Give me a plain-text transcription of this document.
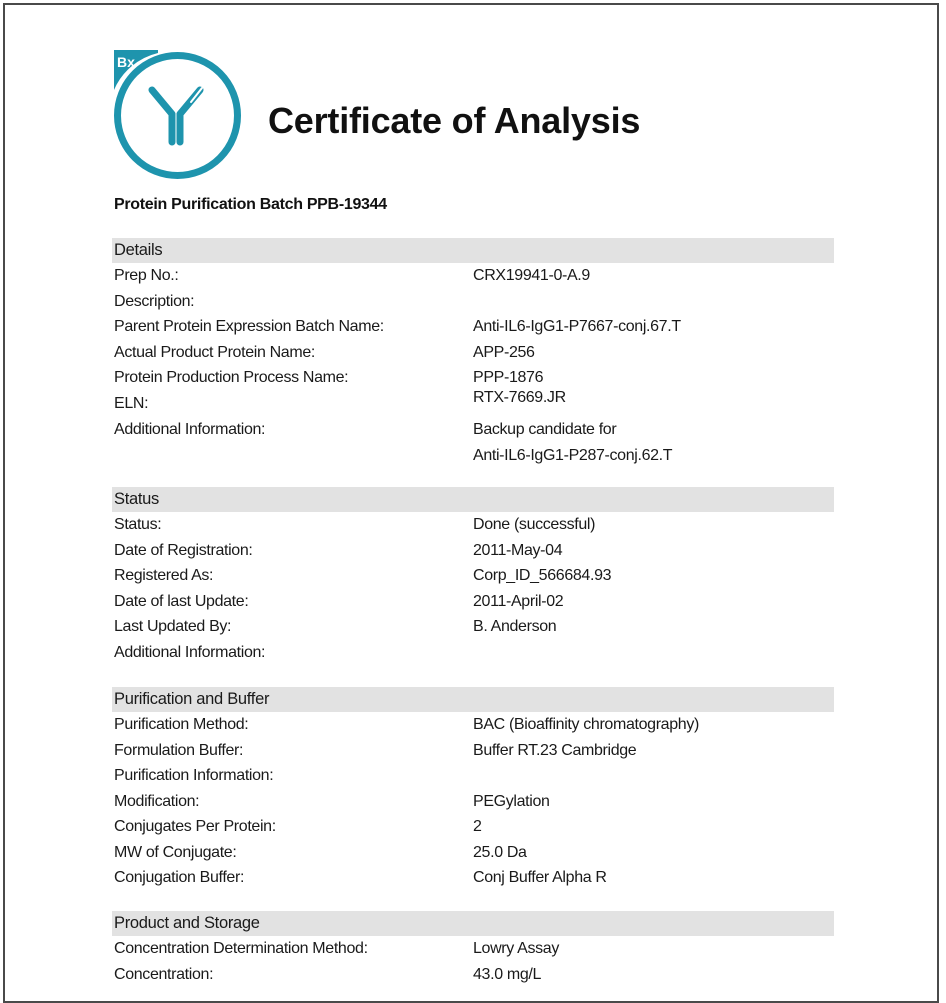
Bx
Certificate of Analysis
Protein Purification Batch PPB-19344
Details
Prep No.:	CRX19941-0-A.9
Description:
Parent Protein Expression Batch Name:	Anti-IL6-IgG1-P7667-conj.67.T
Actual Product Protein Name:	APP-256
Protein Production Process Name:	PPP-1876
ELN:	RTX-7669.JR
Additional Information:	Backup candidate for
Anti-IL6-IgG1-P287-conj.62.T
Status
Status:	Done (successful)
Date of Registration:	2011-May-04
Registered As:	Corp_ID_566684.93
Date of last Update:	2011-April-02
Last Updated By:	B. Anderson
Additional Information:
Purification and Buffer
Purification Method:	BAC (Bioaffinity chromatography)
Formulation Buffer:	Buffer RT.23 Cambridge
Purification Information:
Modification:	PEGylation
Conjugates Per Protein:	2
MW of Conjugate:	25.0 Da
Conjugation Buffer:	Conj Buffer Alpha R
Product and Storage
Concentration Determination Method:	Lowry Assay
Concentration:	43.0 mg/L
